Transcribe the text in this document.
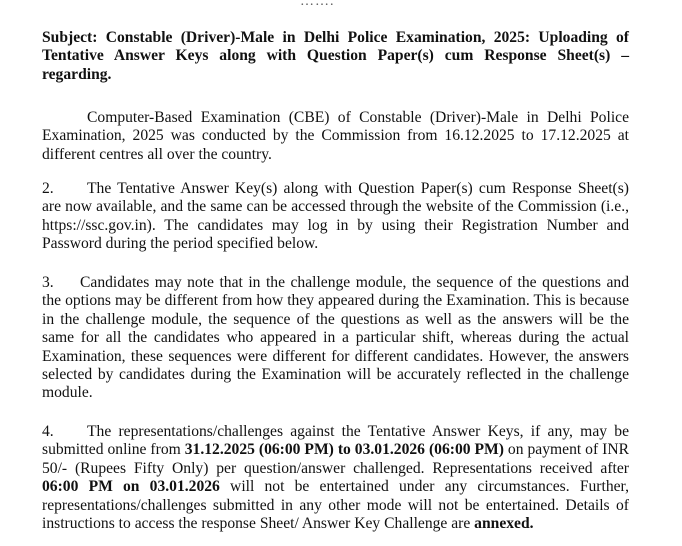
…….
Subject: Constable (Driver)-Male in Delhi Police Examination, 2025: Uploading of Tentative Answer Keys along with Question Paper(s) cum Response Sheet(s) – regarding.
Computer-Based Examination (CBE) of Constable (Driver)-Male in Delhi Police Examination, 2025 was conducted by the Commission from 16.12.2025 to 17.12.2025 at different centres all over the country.
2. The Tentative Answer Key(s) along with Question Paper(s) cum Response Sheet(s) are now available, and the same can be accessed through the website of the Commission (i.e., https://ssc.gov.in). The candidates may log in by using their Registration Number and Password during the period specified below.
3. Candidates may note that in the challenge module, the sequence of the questions and the options may be different from how they appeared during the Examination. This is because in the challenge module, the sequence of the questions as well as the answers will be the same for all the candidates who appeared in a particular shift, whereas during the actual Examination, these sequences were different for different candidates. However, the answers selected by candidates during the Examination will be accurately reflected in the challenge module.
4. The representations/challenges against the Tentative Answer Keys, if any, may be submitted online from 31.12.2025 (06:00 PM) to 03.01.2026 (06:00 PM) on payment of INR 50/- (Rupees Fifty Only) per question/answer challenged. Representations received after 06:00 PM on 03.01.2026 will not be entertained under any circumstances. Further, representations/challenges submitted in any other mode will not be entertained. Details of instructions to access the response Sheet/ Answer Key Challenge are annexed.
